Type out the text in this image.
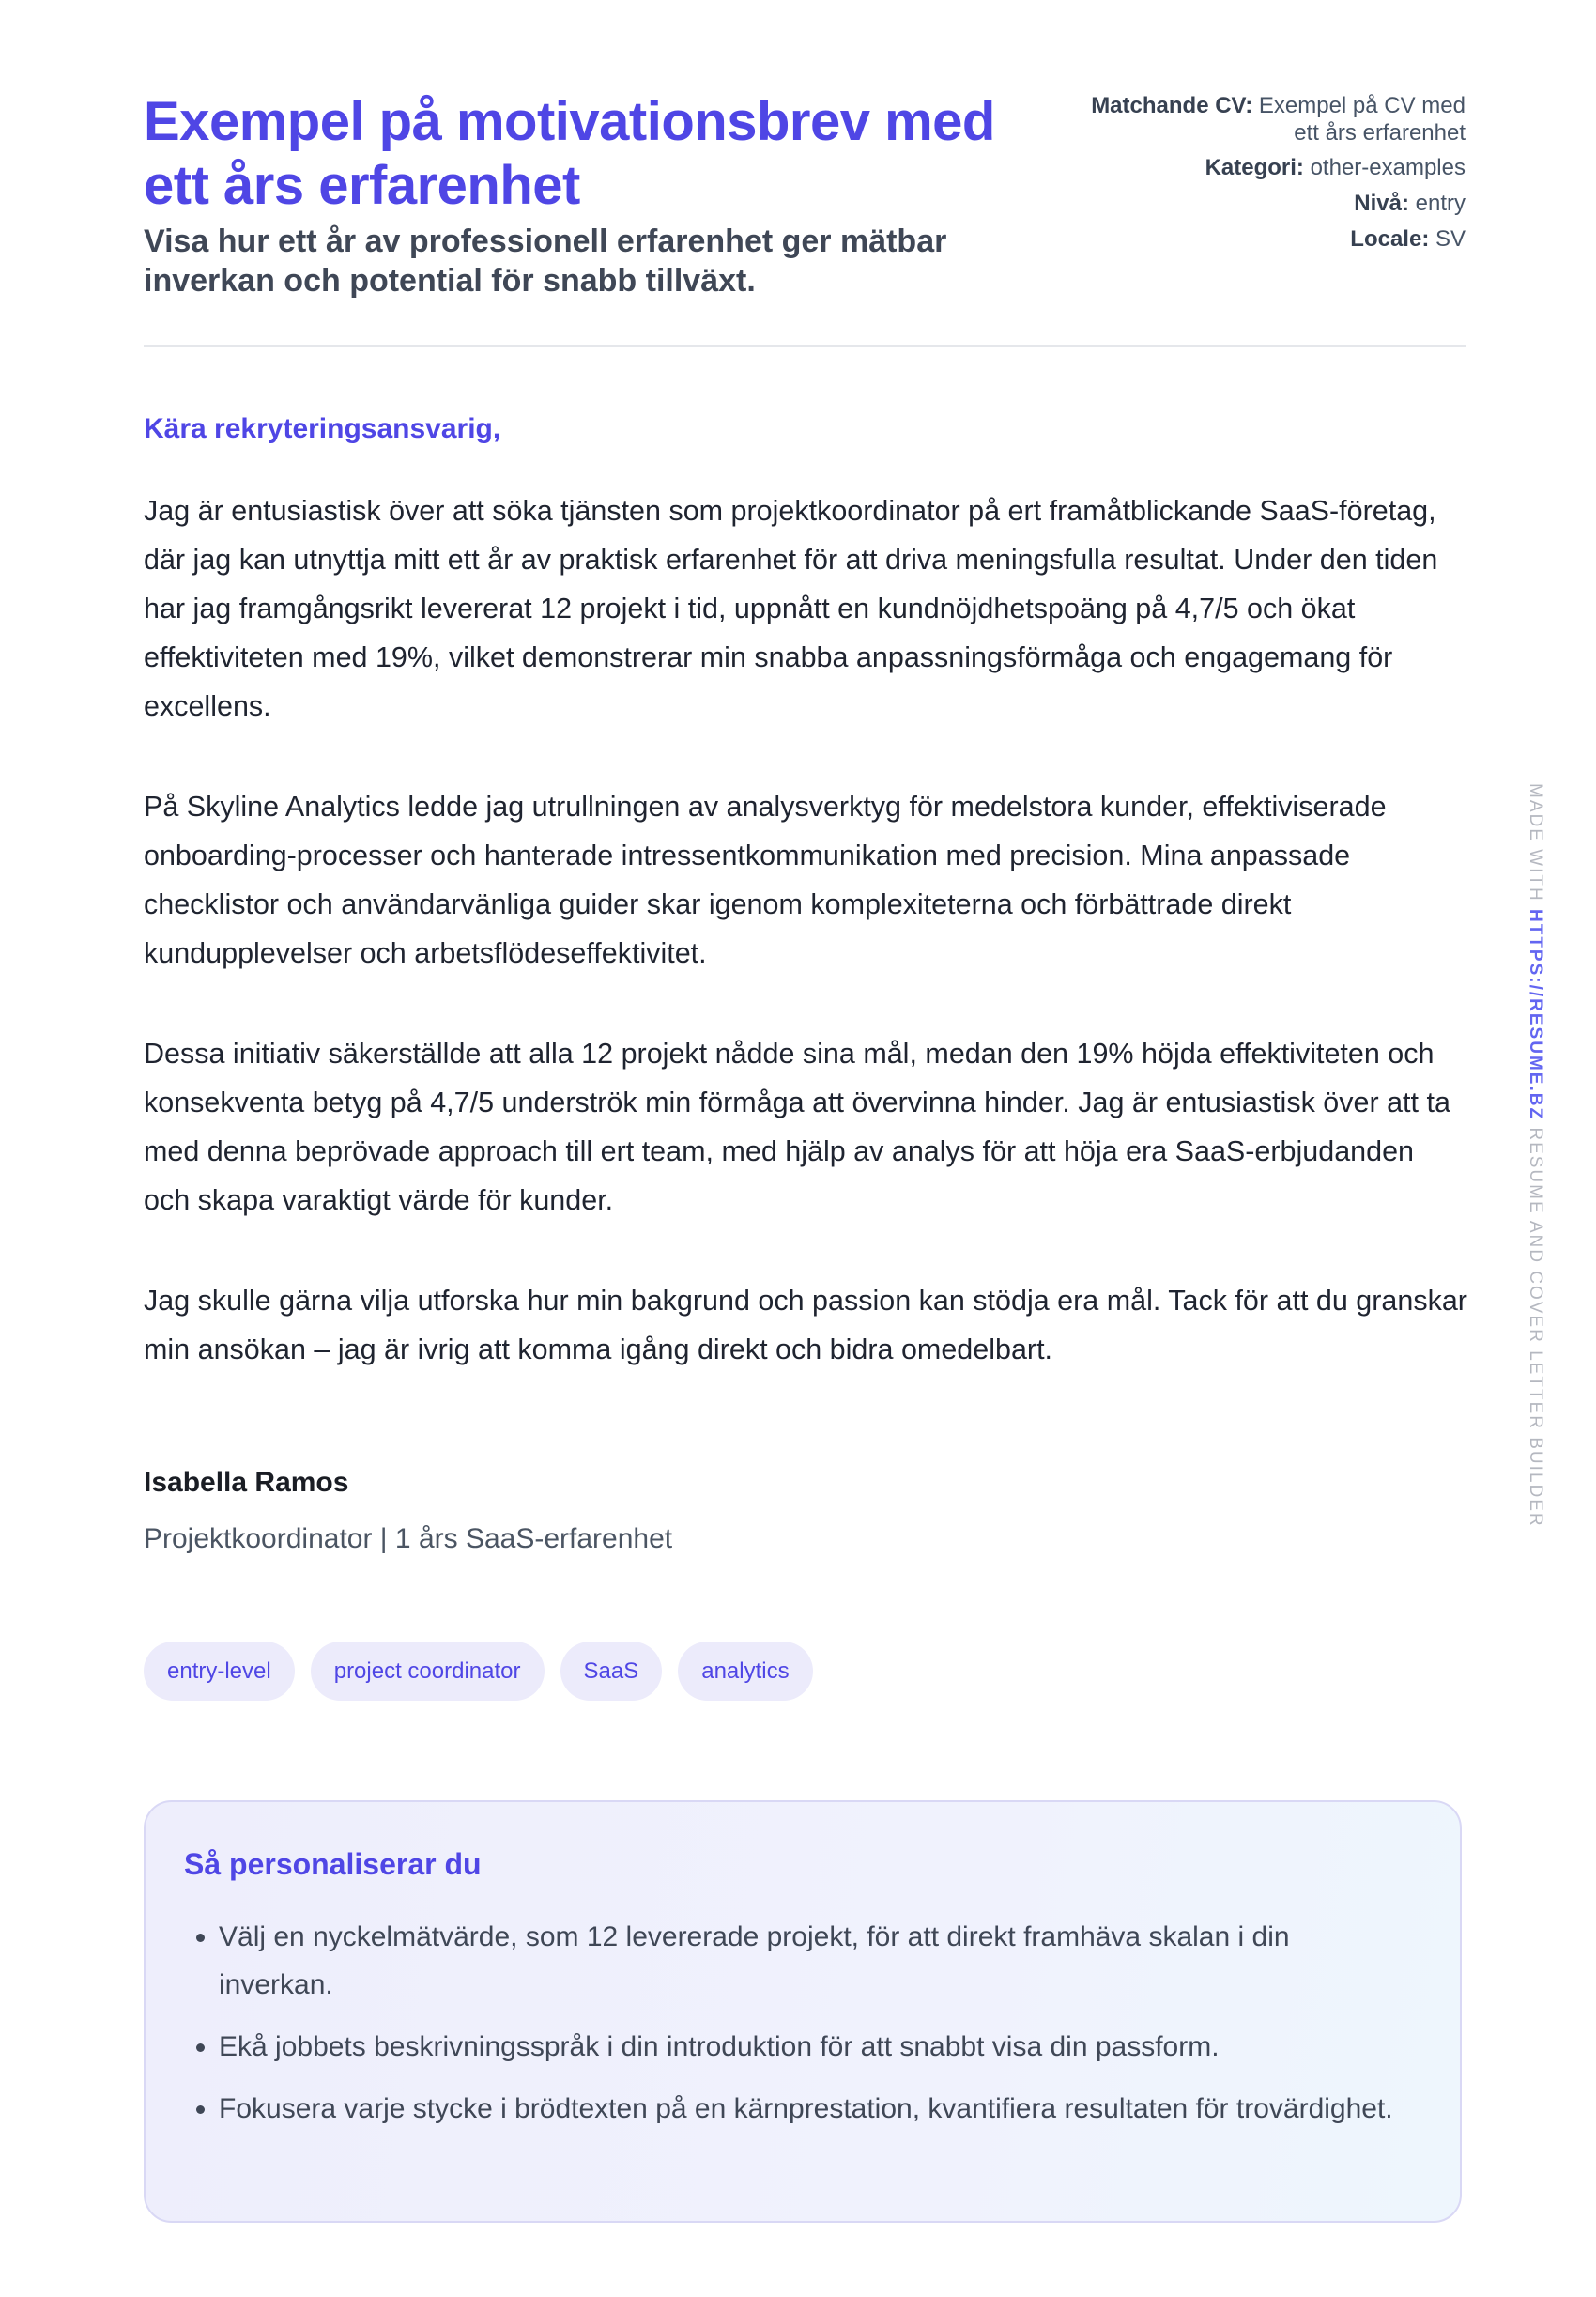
Exempel på motivationsbrev med ett års erfarenhet
Visa hur ett år av professionell erfarenhet ger mätbar inverkan och potential för snabb tillväxt.
Matchande CV: Exempel på CV med ett års erfarenhet
Kategori: other-examples
Nivå: entry
Locale: SV
Kära rekryteringsansvarig,

Jag är entusiastisk över att söka tjänsten som projektkoordinator på ert framåtblickande SaaS-företag, där jag kan utnyttja mitt ett år av praktisk erfarenhet för att driva meningsfulla resultat. Under den tiden har jag framgångsrikt levererat 12 projekt i tid, uppnått en kundnöjdhetspoäng på 4,7/5 och ökat effektiviteten med 19%, vilket demonstrerar min snabba anpassningsförmåga och engagemang för excellens.

På Skyline Analytics ledde jag utrullningen av analysverktyg för medelstora kunder, effektiviserade onboarding-processer och hanterade intressentkommunikation med precision. Mina anpassade checklistor och användarvänliga guider skar igenom komplexiteterna och förbättrade direkt kundupplevelser och arbetsflödeseffektivitet.

Dessa initiativ säkerställde att alla 12 projekt nådde sina mål, medan den 19% höjda effektiviteten och konsekventa betyg på 4,7/5 underströk min förmåga att övervinna hinder. Jag är entusiastisk över att ta med denna beprövade approach till ert team, med hjälp av analys för att höja era SaaS-erbjudanden och skapa varaktigt värde för kunder.

Jag skulle gärna vilja utforska hur min bakgrund och passion kan stödja era mål. Tack för att du granskar min ansökan – jag är ivrig att komma igång direkt och bidra omedelbart.

Isabella Ramos
Projektkoordinator | 1 års SaaS-erfarenhet
entry-level	project coordinator	SaaS	analytics
Så personaliserar du
• Välj en nyckelmätvärde, som 12 levererade projekt, för att direkt framhäva skalan i din inverkan.
• Ekå jobbets beskrivningsspråk i din introduktion för att snabbt visa din passform.
• Fokusera varje stycke i brödtexten på en kärnprestation, kvantifiera resultaten för trovärdighet.
MADE WITH HTTPS://RESUME.BZ RESUME AND COVER LETTER BUILDER
